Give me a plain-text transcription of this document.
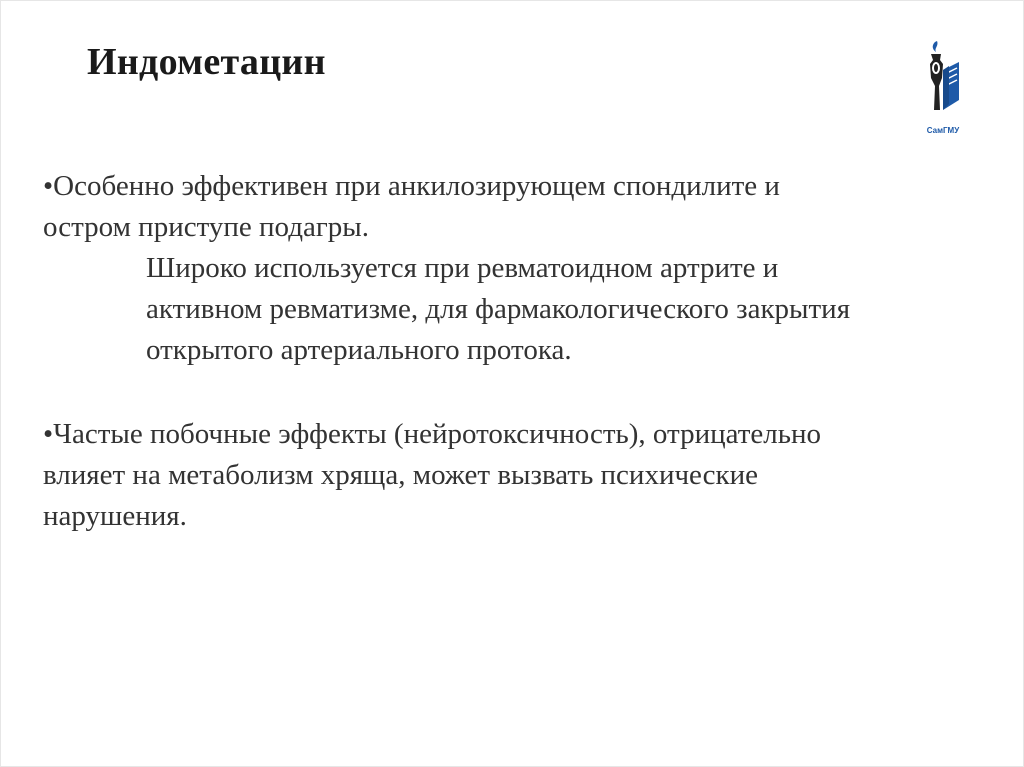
Индометацин
СамГМУ

•Особенно эффективен при анкилозирующем спондилите и
остром приступе подагры.

Широко используется при ревматоидном артрите и
активном ревматизме, для фармакологического закрытия
открытого артериального протока.

•Частые побочные эффекты (нейротоксичность), отрицательно
влияет на метаболизм хряща, может вызвать психические
нарушения.
